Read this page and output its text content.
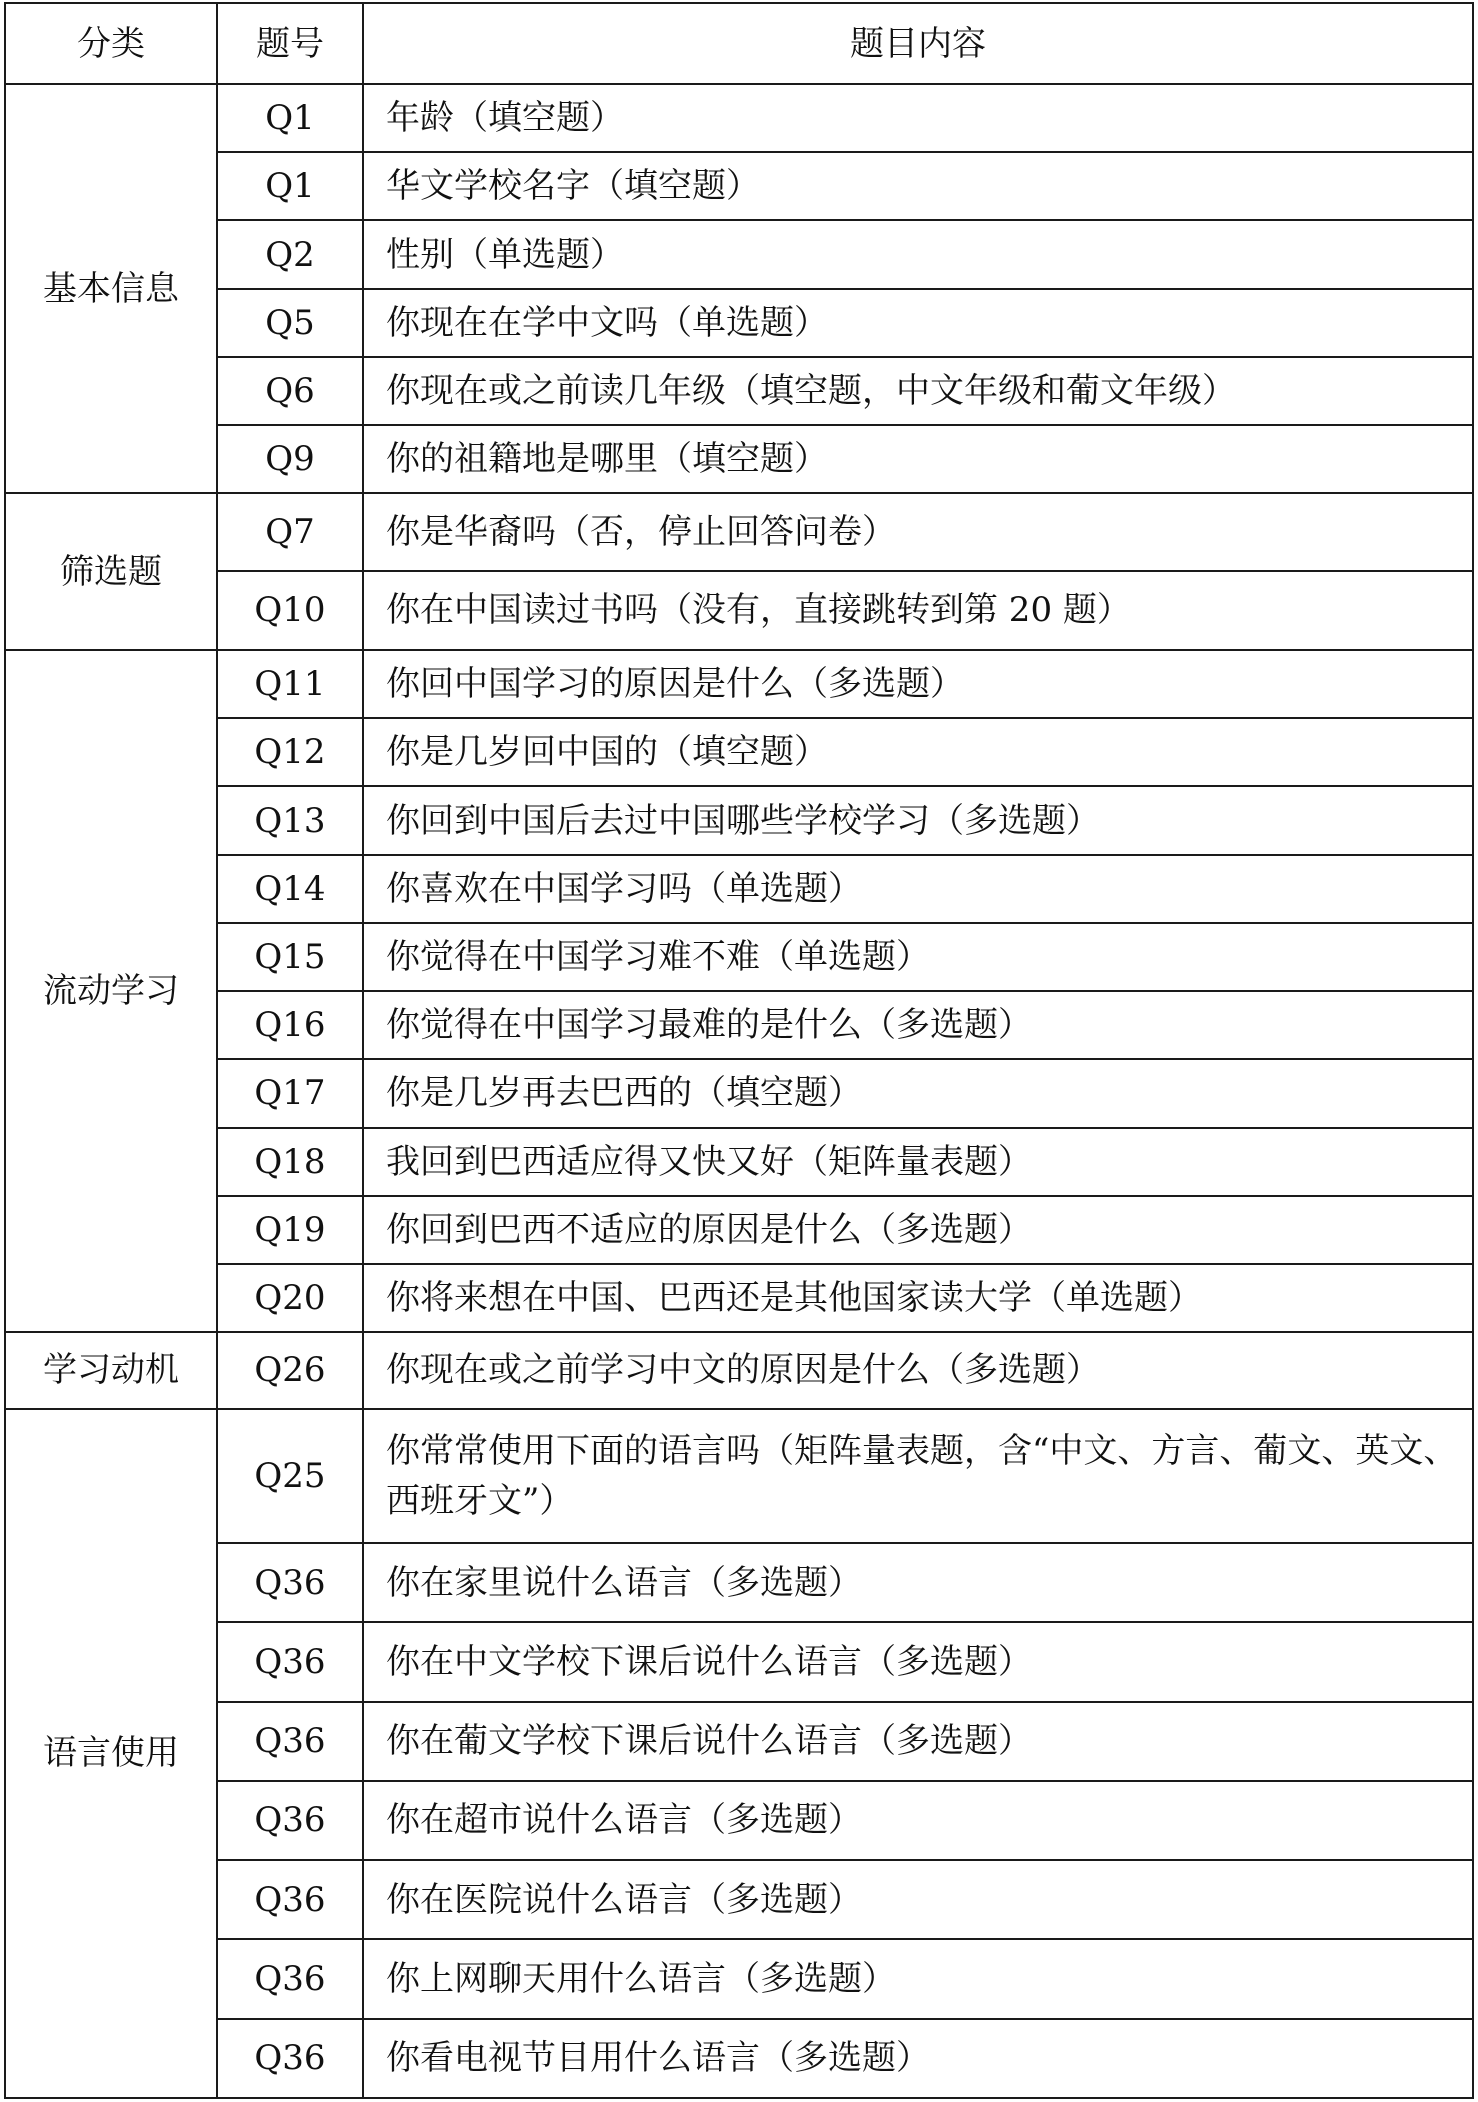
分类	题号	题目内容
基本信息	Q1	年龄（填空题）
	Q1	华文学校名字（填空题）
	Q2	性别（单选题）
	Q5	你现在在学中文吗（单选题）
	Q6	你现在或之前读几年级（填空题，中文年级和葡文年级）
	Q9	你的祖籍地是哪里（填空题）
筛选题	Q7	你是华裔吗（否，停止回答问卷）
	Q10	你在中国读过书吗（没有，直接跳转到第 20 题）
流动学习	Q11	你回中国学习的原因是什么（多选题）
	Q12	你是几岁回中国的（填空题）
	Q13	你回到中国后去过中国哪些学校学习（多选题）
	Q14	你喜欢在中国学习吗（单选题）
	Q15	你觉得在中国学习难不难（单选题）
	Q16	你觉得在中国学习最难的是什么（多选题）
	Q17	你是几岁再去巴西的（填空题）
	Q18	我回到巴西适应得又快又好（矩阵量表题）
	Q19	你回到巴西不适应的原因是什么（多选题）
	Q20	你将来想在中国、巴西还是其他国家读大学（单选题）
学习动机	Q26	你现在或之前学习中文的原因是什么（多选题）
语言使用	Q25	你常常使用下面的语言吗（矩阵量表题，含“中文、方言、葡文、英文、西班牙文”）
	Q36	你在家里说什么语言（多选题）
	Q36	你在中文学校下课后说什么语言（多选题）
	Q36	你在葡文学校下课后说什么语言（多选题）
	Q36	你在超市说什么语言（多选题）
	Q36	你在医院说什么语言（多选题）
	Q36	你上网聊天用什么语言（多选题）
	Q36	你看电视节目用什么语言（多选题）
